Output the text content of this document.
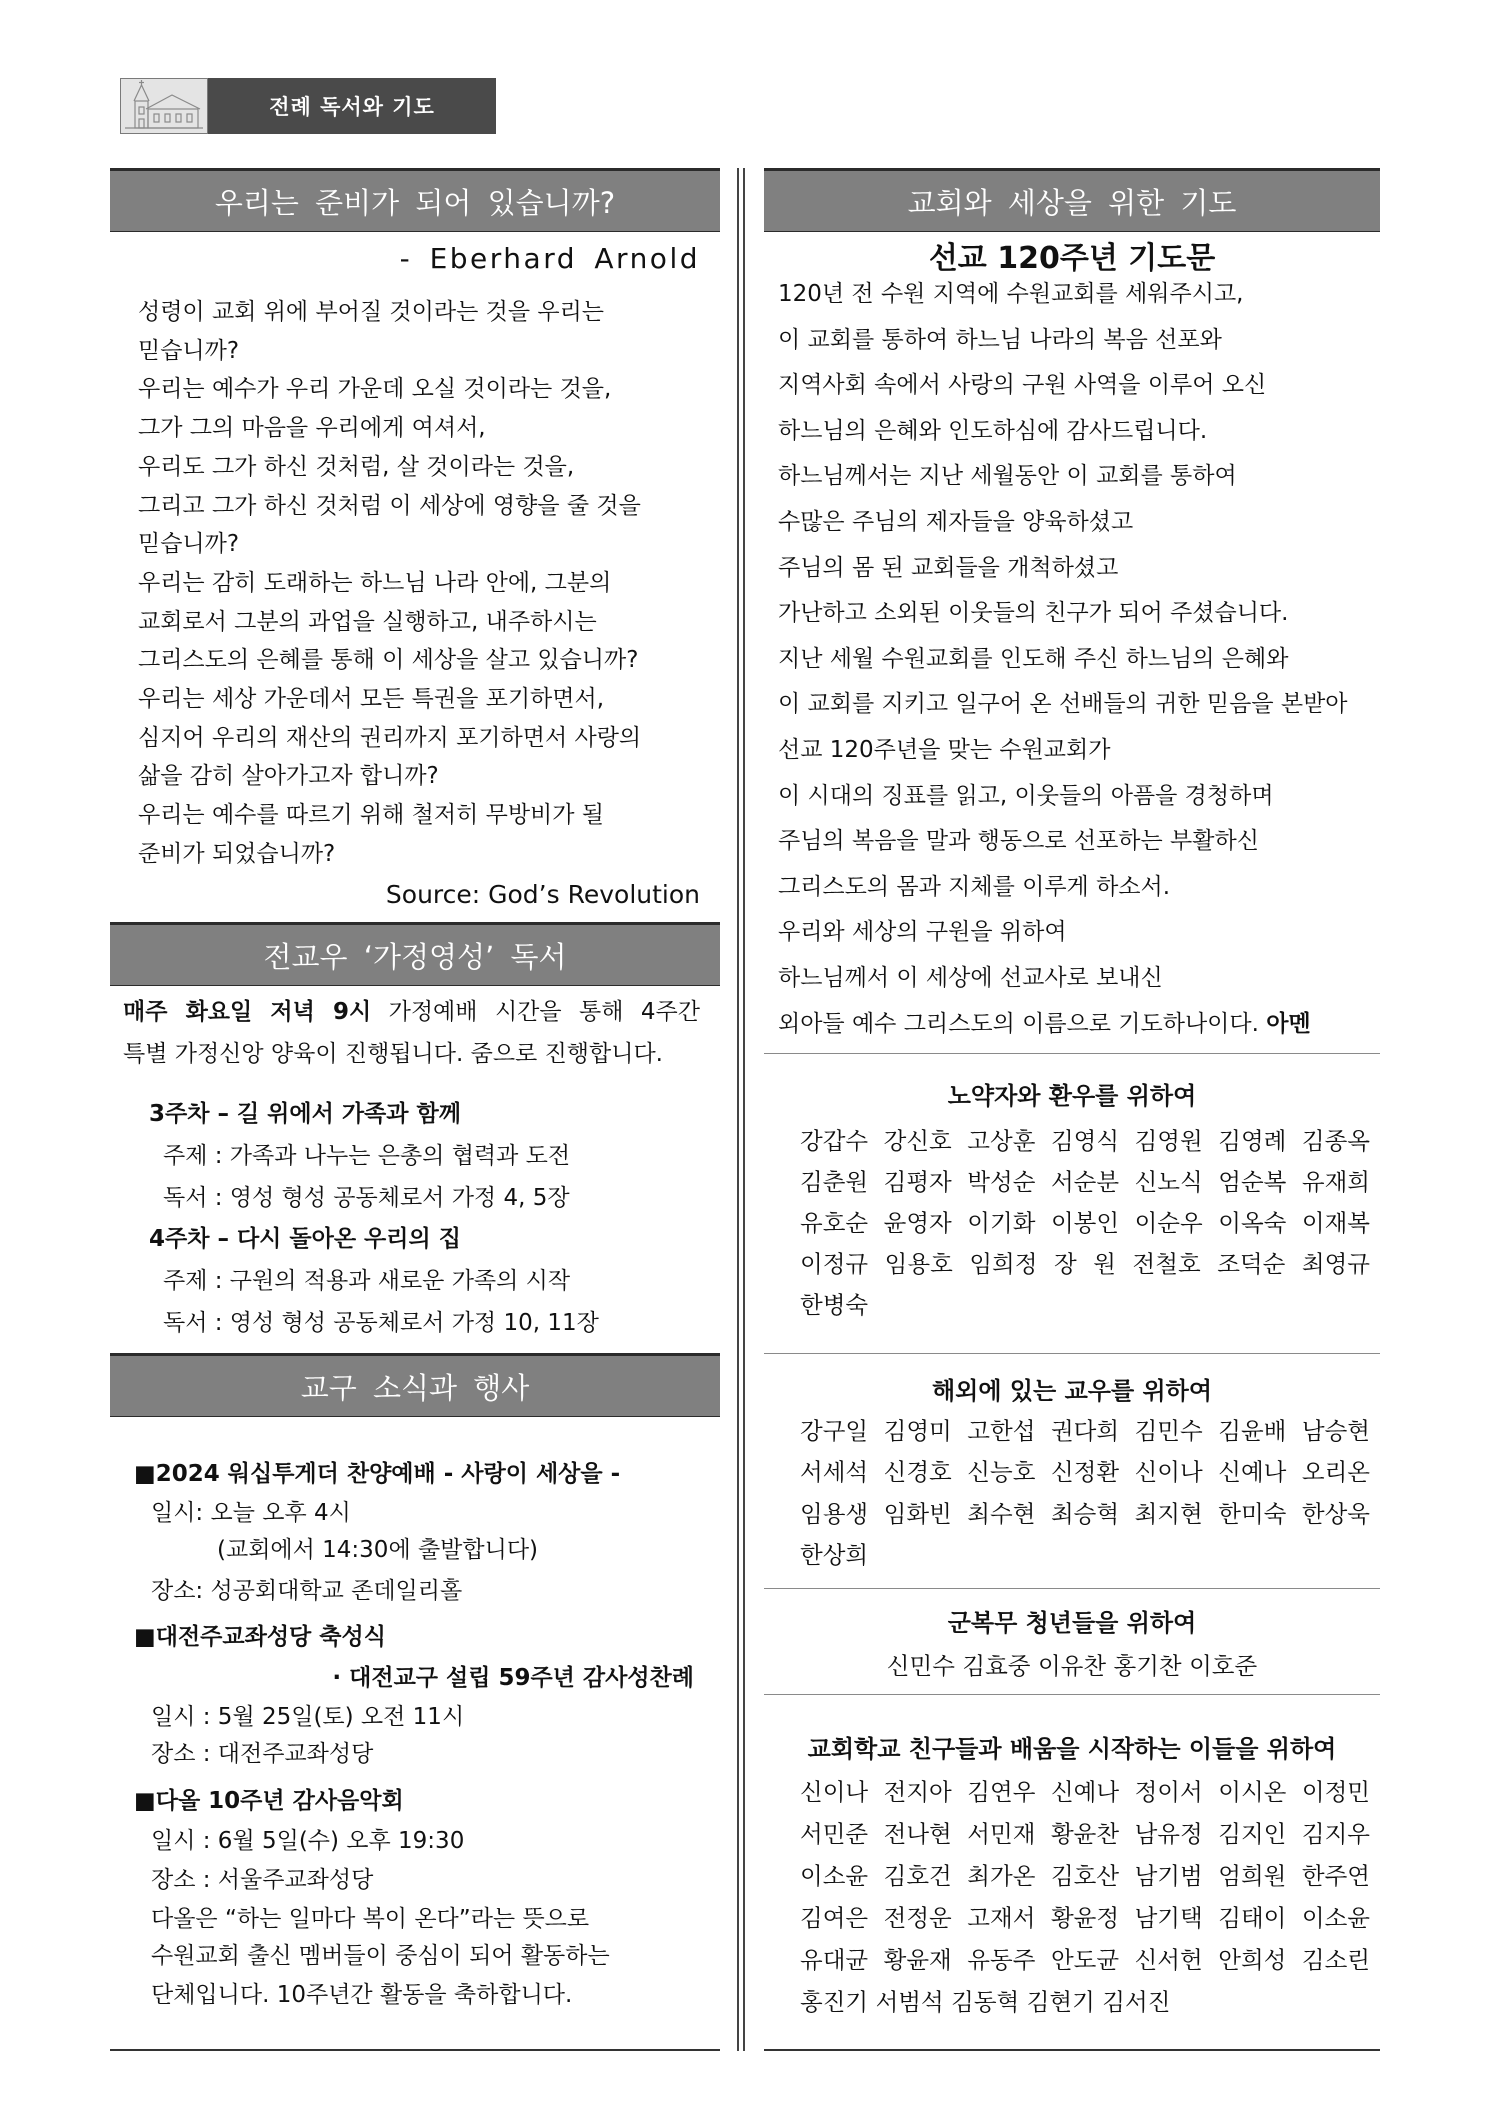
전례 독서와 기도
우리는 준비가 되어 있습니까?
- Eberhard Arnold
성령이 교회 위에 부어질 것이라는 것을 우리는
믿습니까?
우리는 예수가 우리 가운데 오실 것이라는 것을,
그가 그의 마음을 우리에게 여셔서,
우리도 그가 하신 것처럼, 살 것이라는 것을,
그리고 그가 하신 것처럼 이 세상에 영향을 줄 것을
믿습니까?
우리는 감히 도래하는 하느님 나라 안에, 그분의
교회로서 그분의 과업을 실행하고, 내주하시는
그리스도의 은혜를 통해 이 세상을 살고 있습니까?
우리는 세상 가운데서 모든 특권을 포기하면서,
심지어 우리의 재산의 권리까지 포기하면서 사랑의
삶을 감히 살아가고자 합니까?
우리는 예수를 따르기 위해 철저히 무방비가 될
준비가 되었습니까?
Source: God’s Revolution
전교우 ‘가정영성’ 독서
매주 화요일 저녁 9시 가정예배 시간을 통해 4주간
특별 가정신앙 양육이 진행됩니다. 줌으로 진행합니다.
3주차 – 길 위에서 가족과 함께
주제 : 가족과 나누는 은총의 협력과 도전
독서 : 영성 형성 공동체로서 가정 4, 5장
4주차 – 다시 돌아온 우리의 집
주제 : 구원의 적용과 새로운 가족의 시작
독서 : 영성 형성 공동체로서 가정 10, 11장
교구 소식과 행사
■2024 워십투게더 찬양예배 - 사랑이 세상을 -
일시: 오늘 오후 4시
(교회에서 14:30에 출발합니다)
장소: 성공회대학교 존데일리홀
■대전주교좌성당 축성식
· 대전교구 설립 59주년 감사성찬례
일시 : 5월 25일(토) 오전 11시
장소 : 대전주교좌성당
■다올 10주년 감사음악회
일시 : 6월 5일(수) 오후 19:30
장소 : 서울주교좌성당
다올은 “하는 일마다 복이 온다”라는 뜻으로
수원교회 출신 멤버들이 중심이 되어 활동하는
단체입니다. 10주년간 활동을 축하합니다.
교회와 세상을 위한 기도
선교 120주년 기도문
120년 전 수원 지역에 수원교회를 세워주시고,
이 교회를 통하여 하느님 나라의 복음 선포와
지역사회 속에서 사랑의 구원 사역을 이루어 오신
하느님의 은혜와 인도하심에 감사드립니다.
하느님께서는 지난 세월동안 이 교회를 통하여
수많은 주님의 제자들을 양육하셨고
주님의 몸 된 교회들을 개척하셨고
가난하고 소외된 이웃들의 친구가 되어 주셨습니다.
지난 세월 수원교회를 인도해 주신 하느님의 은혜와
이 교회를 지키고 일구어 온 선배들의 귀한 믿음을 본받아
선교 120주년을 맞는 수원교회가
이 시대의 징표를 읽고, 이웃들의 아픔을 경청하며
주님의 복음을 말과 행동으로 선포하는 부활하신
그리스도의 몸과 지체를 이루게 하소서.
우리와 세상의 구원을 위하여
하느님께서 이 세상에 선교사로 보내신
외아들 예수 그리스도의 이름으로 기도하나이다. 아멘
노약자와 환우를 위하여
강갑수 강신호 고상훈 김영식 김영원 김영례 김종옥
김춘원 김평자 박성순 서순분 신노식 엄순복 유재희
유호순 윤영자 이기화 이봉인 이순우 이옥숙 이재복
이정규 임용호 임희정 장 원 전철호 조덕순 최영규
한병숙
해외에 있는 교우를 위하여
강구일 김영미 고한섭 권다희 김민수 김윤배 남승현
서세석 신경호 신능호 신정환 신이나 신예나 오리온
임용생 임화빈 최수현 최승혁 최지현 한미숙 한상욱
한상희
군복무 청년들을 위하여
신민수 김효중 이유찬 홍기찬 이호준
교회학교 친구들과 배움을 시작하는 이들을 위하여
신이나 전지아 김연우 신예나 정이서 이시온 이정민
서민준 전나현 서민재 황윤찬 남유정 김지인 김지우
이소윤 김호건 최가온 김호산 남기범 엄희원 한주연
김여은 전정운 고재서 황윤정 남기택 김태이 이소윤
유대균 황윤재 유동주 안도균 신서헌 안희성 김소린
홍진기 서범석 김동혁 김현기 김서진
